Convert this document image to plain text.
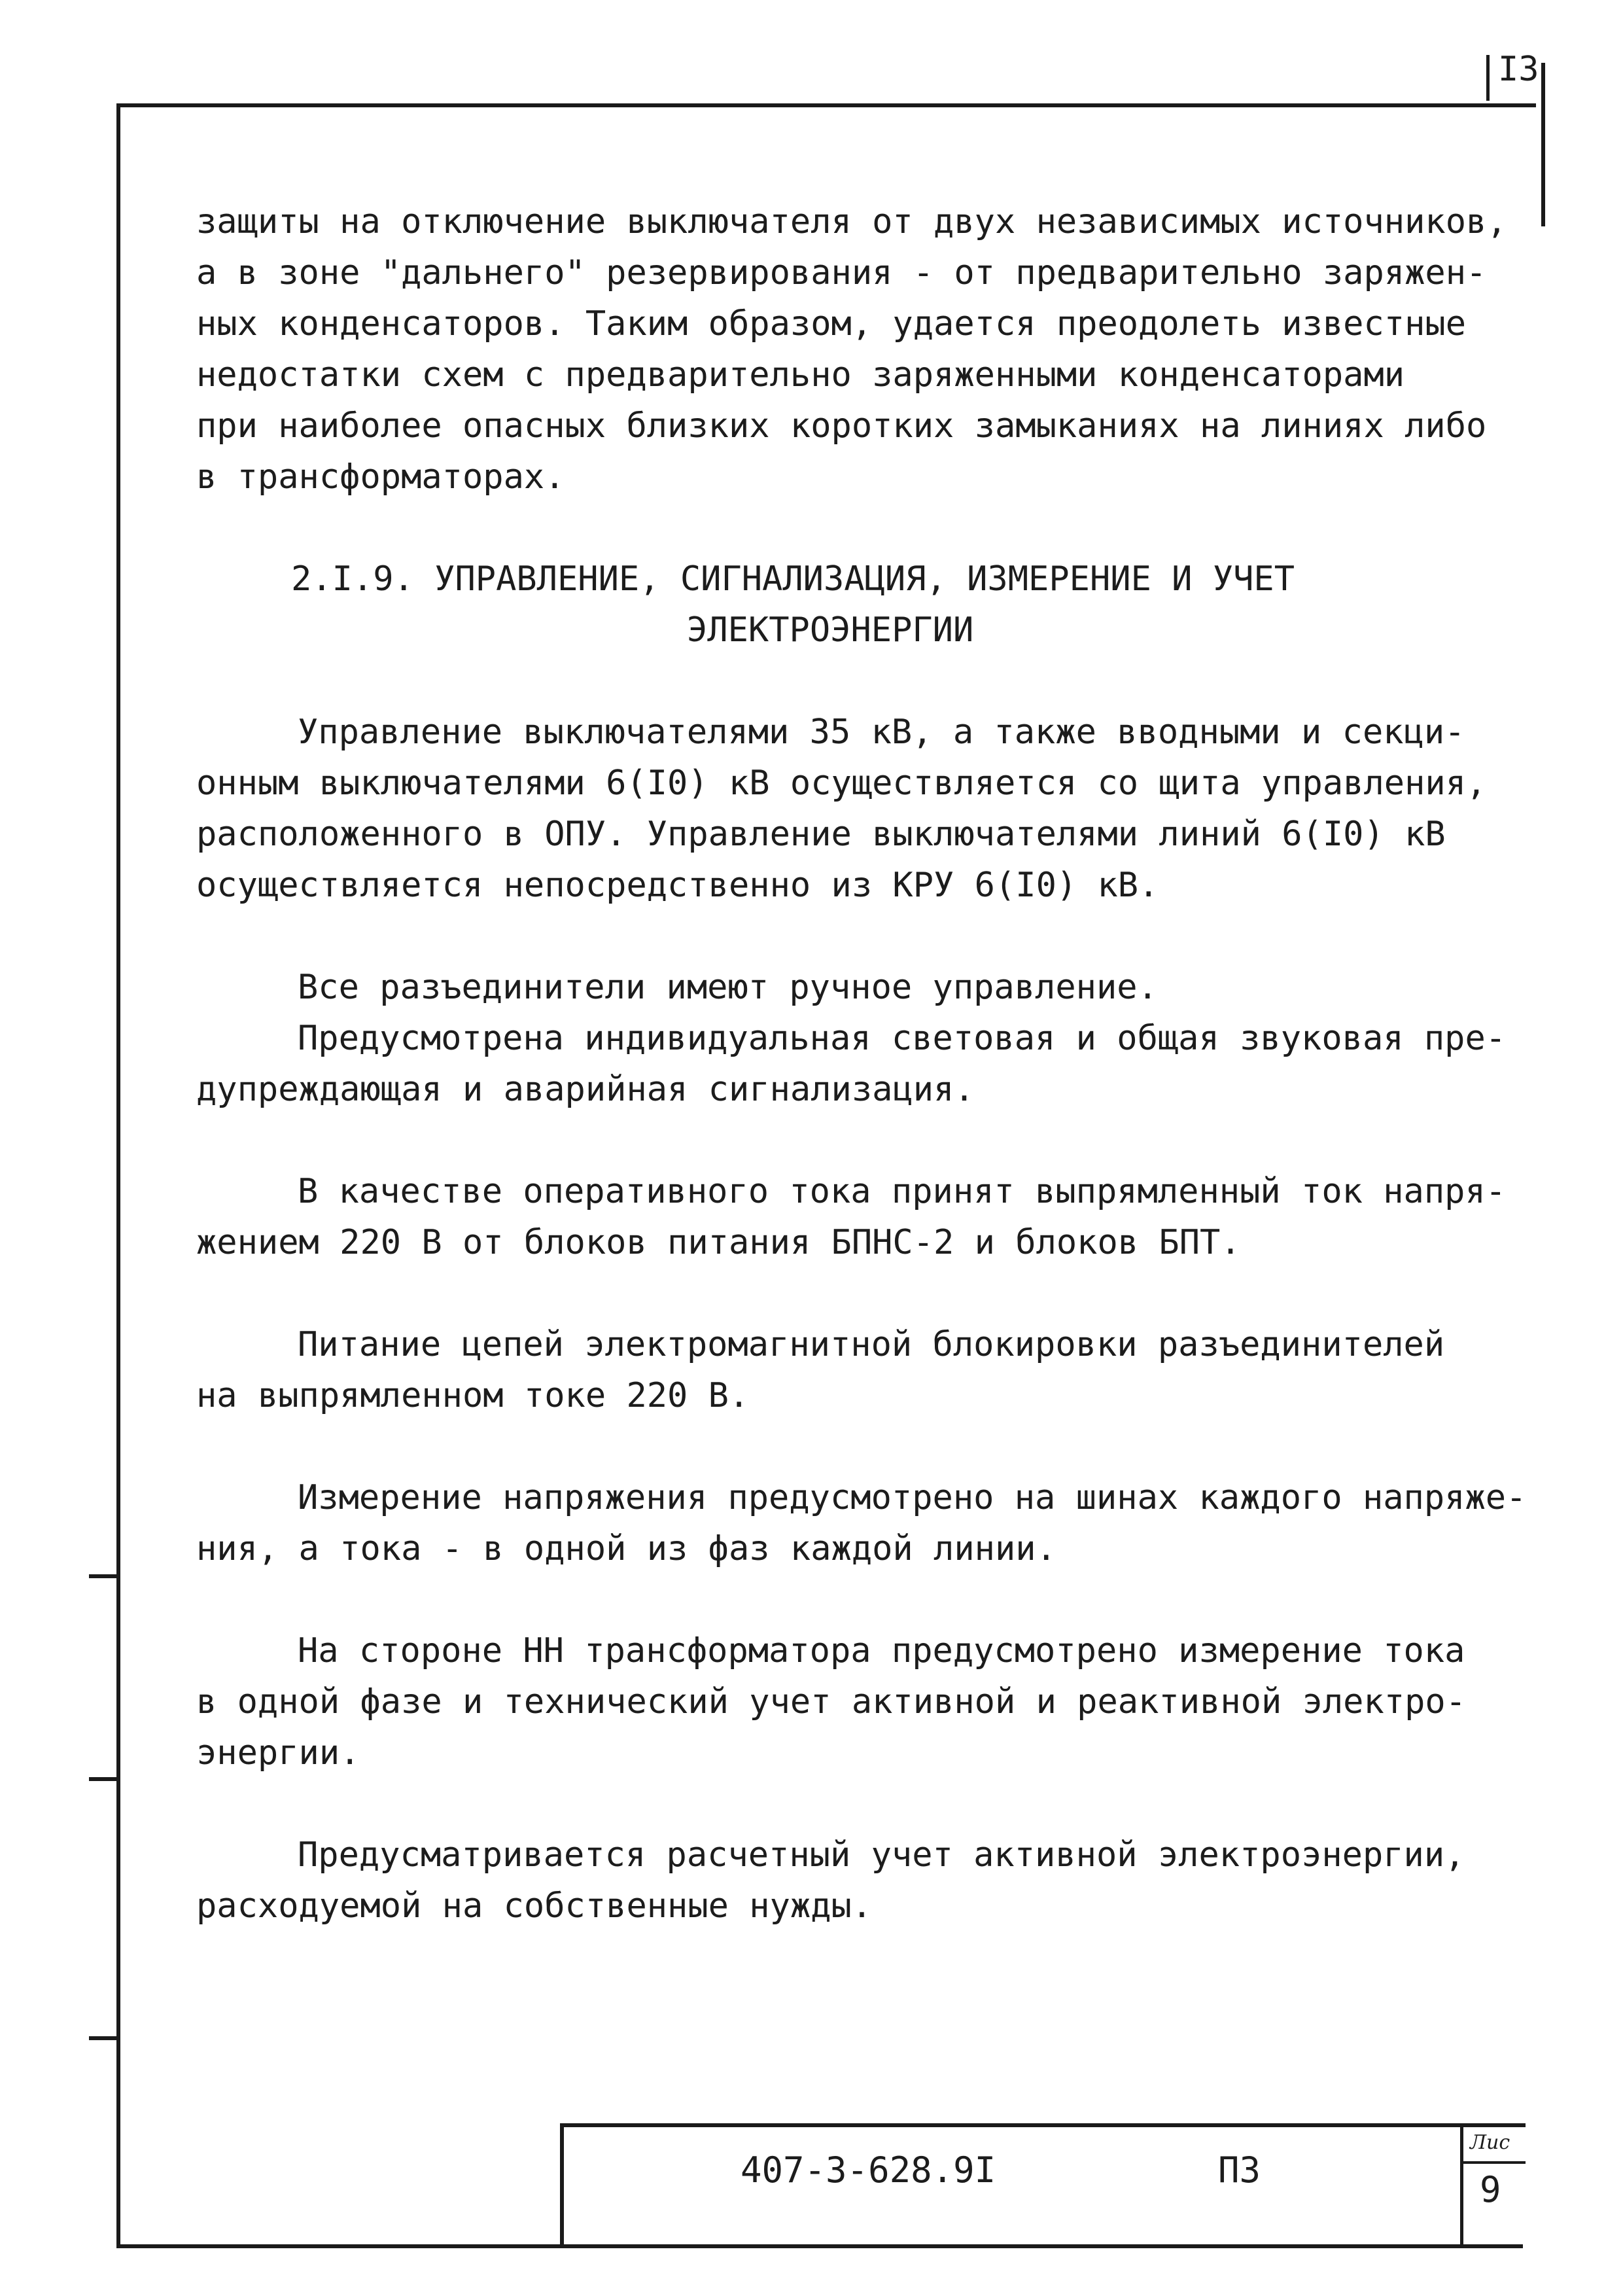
I3
защиты на отключение выключателя от двух независимых источников,
а в зоне "дальнего" резервирования - от предварительно заряжен-
ных конденсаторов. Таким образом, удается преодолеть известные
недостатки схем с предварительно заряженными конденсаторами
при наиболее опасных близких коротких замыканиях на линиях либо
в трансформаторах.
2.I.9. УПРАВЛЕНИЕ, СИГНАЛИЗАЦИЯ, ИЗМЕРЕНИЕ И УЧЕТ
ЭЛЕКТРОЭНЕРГИИ
Управление выключателями 35 кВ, а также вводными и секци-
онным выключателями 6(I0) кВ осуществляется со щита управления,
расположенного в ОПУ. Управление выключателями линий 6(I0) кВ
осуществляется непосредственно из КРУ 6(I0) кВ.
Все разъединители имеют ручное управление.
Предусмотрена индивидуальная световая и общая звуковая пре-
дупреждающая и аварийная сигнализация.
В качестве оперативного тока принят выпрямленный ток напря-
жением 220 В от блоков питания БПНС-2 и блоков БПТ.
Питание цепей электромагнитной блокировки разъединителей
на выпрямленном токе 220 В.
Измерение напряжения предусмотрено на шинах каждого напряже-
ния, а тока - в одной из фаз каждой линии.
На стороне НН трансформатора предусмотрено измерение тока
в одной фазе и технический учет активной и реактивной электро-
энергии.
Предусматривается расчетный учет активной электроэнергии,
расходуемой на собственные нужды.
407-3-628.9I	ПЗ
Лис
9
